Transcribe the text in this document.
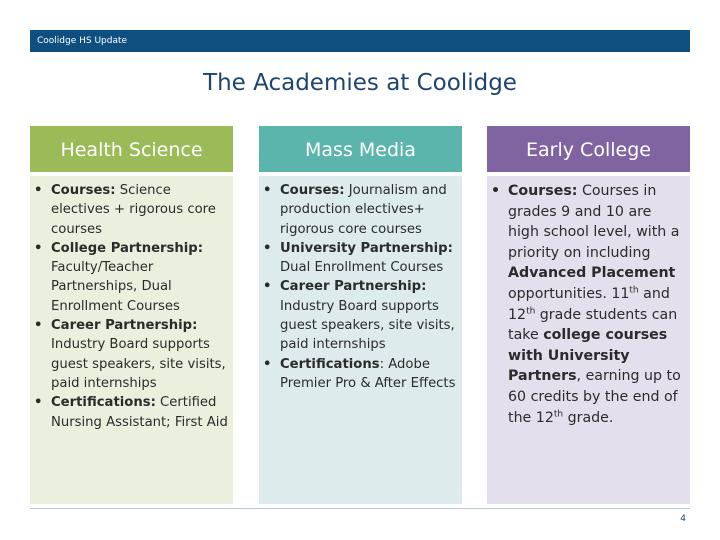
Coolidge HS Update
The Academies at Coolidge
Health Science
• Courses: Science electives + rigorous core courses
• College Partnership: Faculty/Teacher Partnerships, Dual Enrollment Courses
• Career Partnership: Industry Board supports guest speakers, site visits, paid internships
• Certifications: Certified Nursing Assistant; First Aid
Mass Media
• Courses: Journalism and production electives+ rigorous core courses
• University Partnership: Dual Enrollment Courses
• Career Partnership: Industry Board supports guest speakers, site visits, paid internships
• Certifications: Adobe Premier Pro & After Effects
Early College
• Courses: Courses in grades 9 and 10 are high school level, with a priority on including Advanced Placement opportunities. 11th and 12th grade students can take college courses with University Partners, earning up to 60 credits by the end of the 12th grade.
4
